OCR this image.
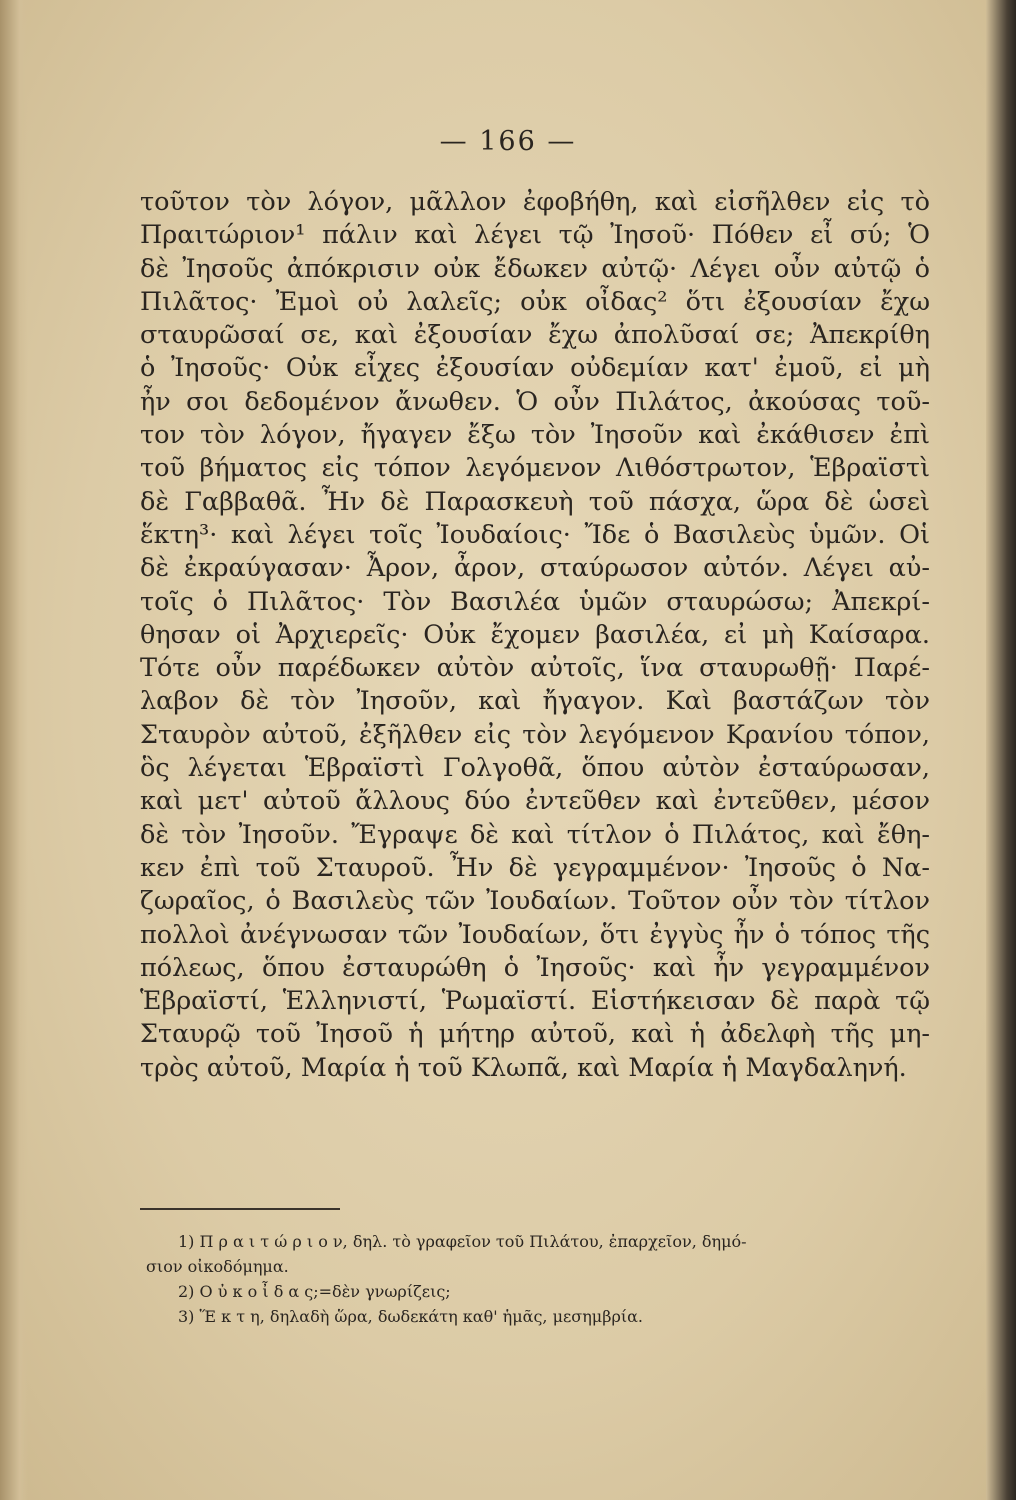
— 166 —
τοῦτον τὸν λόγον, μᾶλλον ἐφοβήθη, καὶ εἰσῆλθεν εἰς τὸ
Πραιτώριον¹ πάλιν καὶ λέγει τῷ Ἰησοῦ· Πόθεν εἶ σύ; Ὁ
δὲ Ἰησοῦς ἀπόκρισιν οὐκ ἔδωκεν αὐτῷ· Λέγει οὖν αὐτῷ ὁ
Πιλᾶτος· Ἐμοὶ οὐ λαλεῖς; οὐκ οἶδας² ὅτι ἐξουσίαν ἔχω
σταυρῶσαί σε, καὶ ἐξουσίαν ἔχω ἀπολῦσαί σε; Ἀπεκρίθη
ὁ Ἰησοῦς· Οὐκ εἶχες ἐξουσίαν οὐδεμίαν κατ' ἐμοῦ, εἰ μὴ
ἦν σοι δεδομένον ἄνωθεν. Ὁ οὖν Πιλάτος, ἀκούσας τοῦ-
τον τὸν λόγον, ἤγαγεν ἔξω τὸν Ἰησοῦν καὶ ἐκάθισεν ἐπὶ
τοῦ βήματος εἰς τόπον λεγόμενον Λιθόστρωτον, Ἑβραϊστὶ
δὲ Γαββαθᾶ. Ἦν δὲ Παρασκευὴ τοῦ πάσχα, ὥρα δὲ ὡσεὶ
ἕκτη³· καὶ λέγει τοῖς Ἰουδαίοις· Ἴδε ὁ Βασιλεὺς ὑμῶν. Οἱ
δὲ ἐκραύγασαν· Ἆρον, ἆρον, σταύρωσον αὐτόν. Λέγει αὐ-
τοῖς ὁ Πιλᾶτος· Τὸν Βασιλέα ὑμῶν σταυρώσω; Ἀπεκρί-
θησαν οἱ Ἀρχιερεῖς· Οὐκ ἔχομεν βασιλέα, εἰ μὴ Καίσαρα.
Τότε οὖν παρέδωκεν αὐτὸν αὐτοῖς, ἵνα σταυρωθῇ· Παρέ-
λαβον δὲ τὸν Ἰησοῦν, καὶ ἤγαγον. Καὶ βαστάζων τὸν
Σταυρὸν αὐτοῦ, ἐξῆλθεν εἰς τὸν λεγόμενον Κρανίου τόπον,
ὃς λέγεται Ἑβραϊστὶ Γολγοθᾶ, ὅπου αὐτὸν ἐσταύρωσαν,
καὶ μετ' αὐτοῦ ἄλλους δύο ἐντεῦθεν καὶ ἐντεῦθεν, μέσον
δὲ τὸν Ἰησοῦν. Ἔγραψε δὲ καὶ τίτλον ὁ Πιλάτος, καὶ ἔθη-
κεν ἐπὶ τοῦ Σταυροῦ. Ἦν δὲ γεγραμμένον· Ἰησοῦς ὁ Να-
ζωραῖος, ὁ Βασιλεὺς τῶν Ἰουδαίων. Τοῦτον οὖν τὸν τίτλον
πολλοὶ ἀνέγνωσαν τῶν Ἰουδαίων, ὅτι ἐγγὺς ἦν ὁ τόπος τῆς
πόλεως, ὅπου ἐσταυρώθη ὁ Ἰησοῦς· καὶ ἦν γεγραμμένον
Ἑβραϊστί, Ἑλληνιστί, Ῥωμαϊστί. Εἱστήκεισαν δὲ παρὰ τῷ
Σταυρῷ τοῦ Ἰησοῦ ἡ μήτηρ αὐτοῦ, καὶ ἡ ἀδελφὴ τῆς μη-
τρὸς αὐτοῦ, Μαρία ἡ τοῦ Κλωπᾶ, καὶ Μαρία ἡ Μαγδαληνή.
1) Π ρ α ι τ ώ ρ ι ο ν, δηλ. τὸ γραφεῖον τοῦ Πιλάτου, ἐπαρχεῖον, δημό-
σιον οἰκοδόμημα.
2) Ο ὐ κ ο ἶ δ α ς;=δὲν γνωρίζεις;
3) Ἕ κ τ η, δηλαδὴ ὥρα, δωδεκάτη καθ' ἡμᾶς, μεσημβρία.
